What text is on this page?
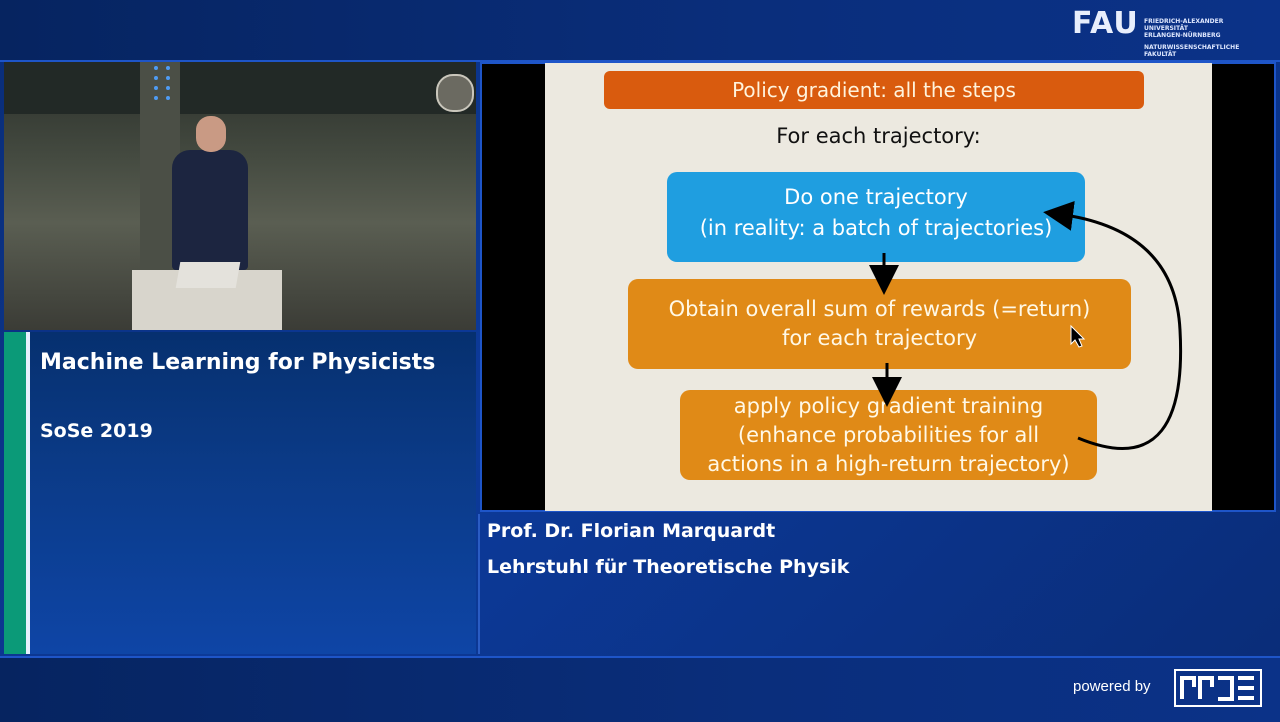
FAU FRIEDRICH-ALEXANDER
UNIVERSITÄT
ERLANGEN-NÜRNBERG
NATURWISSENSCHAFTLICHE
FAKULTÄT
Machine Learning for Physicists
SoSe 2019
Policy gradient: all the steps
For each trajectory:
Do one trajectory
(in reality: a batch of trajectories)
Obtain overall sum of rewards (=return)
for each trajectory
apply policy gradient training
(enhance probabilities for all
actions in a high-return trajectory)
Prof. Dr. Florian Marquardt
Lehrstuhl für Theoretische Physik
powered by
